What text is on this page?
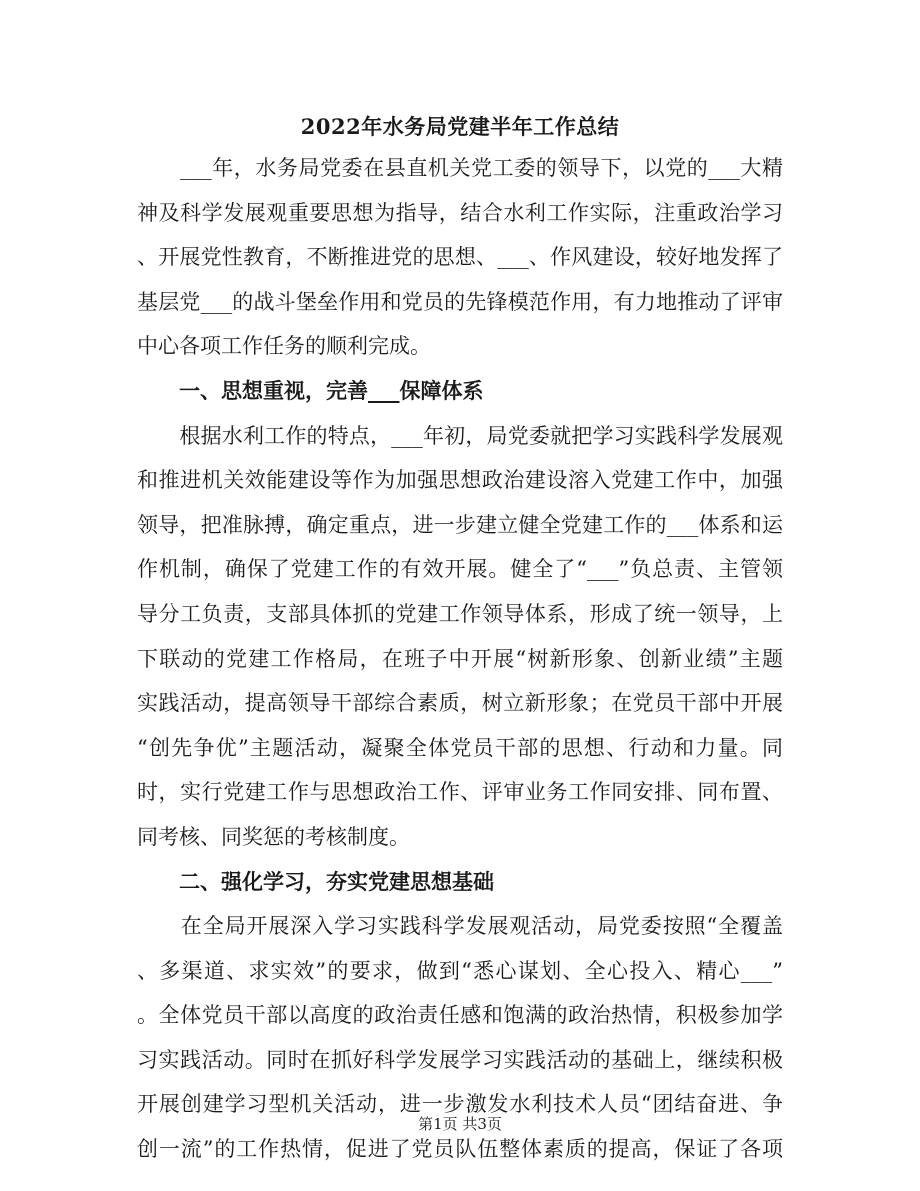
2022年水务局党建半年工作总结
　　___年，水务局党委在县直机关党工委的领导下，以党的___大精
神及科学发展观重要思想为指导，结合水利工作实际，注重政治学习
、开展党性教育，不断推进党的思想、___、作风建设，较好地发挥了
基层党___的战斗堡垒作用和党员的先锋模范作用，有力地推动了评审
中心各项工作任务的顺利完成。
　　一、思想重视，完善___保障体系
　　根据水利工作的特点，___年初，局党委就把学习实践科学发展观
和推进机关效能建设等作为加强思想政治建设溶入党建工作中，加强
领导，把准脉搏，确定重点，进一步建立健全党建工作的___体系和运
作机制，确保了党建工作的有效开展。健全了“___”负总责、主管领
导分工负责，支部具体抓的党建工作领导体系，形成了统一领导，上
下联动的党建工作格局，在班子中开展“树新形象、创新业绩”主题
实践活动，提高领导干部综合素质，树立新形象；在党员干部中开展
“创先争优”主题活动，凝聚全体党员干部的思想、行动和力量。同
时，实行党建工作与思想政治工作、评审业务工作同安排、同布置、
同考核、同奖惩的考核制度。
　　二、强化学习，夯实党建思想基础
　　在全局开展深入学习实践科学发展观活动，局党委按照“全覆盖
、多渠道、求实效”的要求，做到“悉心谋划、全心投入、精心___”
。全体党员干部以高度的政治责任感和饱满的政治热情，积极参加学
习实践活动。同时在抓好科学发展学习实践活动的基础上，继续积极
开展创建学习型机关活动，进一步激发水利技术人员“团结奋进、争
创一流”的工作热情，促进了党员队伍整体素质的提高，保证了各项
第1页 共3页
